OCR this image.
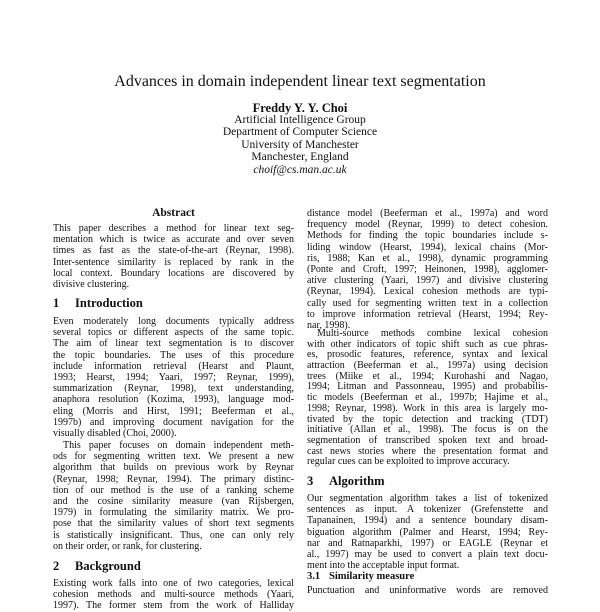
Advances in domain independent linear text segmentation
Freddy Y. Y. Choi
Artificial Intelligence Group
Department of Computer Science
University of Manchester
Manchester, England
choif@cs.man.ac.uk
Abstract
This paper describes a method for linear text seg-
mentation which is twice as accurate and over seven
times as fast as the state-of-the-art (Reynar, 1998).
Inter-sentence similarity is replaced by rank in the
local context. Boundary locations are discovered by
divisive clustering.
1 Introduction
Even moderately long documents typically address
several topics or different aspects of the same topic.
The aim of linear text segmentation is to discover
the topic boundaries. The uses of this procedure
include information retrieval (Hearst and Plaunt,
1993; Hearst, 1994; Yaari, 1997; Reynar, 1999),
summarization (Reynar, 1998), text understanding,
anaphora resolution (Kozima, 1993), language mod-
eling (Morris and Hirst, 1991; Beeferman et al.,
1997b) and improving document navigation for the
visually disabled (Choi, 2000).
This paper focuses on domain independent meth-
ods for segmenting written text. We present a new
algorithm that builds on previous work by Reynar
(Reynar, 1998; Reynar, 1994). The primary distinc-
tion of our method is the use of a ranking scheme
and the cosine similarity measure (van Rijsbergen,
1979) in formulating the similarity matrix. We pro-
pose that the similarity values of short text segments
is statistically insignificant. Thus, one can only rely
on their order, or rank, for clustering.
2 Background
Existing work falls into one of two categories, lexical
cohesion methods and multi-source methods (Yaari,
1997). The former stem from the work of Halliday
distance model (Beeferman et al., 1997a) and word
frequency model (Reynar, 1999) to detect cohesion.
Methods for finding the topic boundaries include s-
liding window (Hearst, 1994), lexical chains (Mor-
ris, 1988; Kan et al., 1998), dynamic programming
(Ponte and Croft, 1997; Heinonen, 1998), agglomer-
ative clustering (Yaari, 1997) and divisive clustering
(Reynar, 1994). Lexical cohesion methods are typi-
cally used for segmenting written text in a collection
to improve information retrieval (Hearst, 1994; Rey-
nar, 1998).
Multi-source methods combine lexical cohesion
with other indicators of topic shift such as cue phras-
es, prosodic features, reference, syntax and lexical
attraction (Beeferman et al., 1997a) using decision
trees (Miike et al., 1994; Kurohashi and Nagao,
1994; Litman and Passonneau, 1995) and probabilis-
tic models (Beeferman et al., 1997b; Hajime et al.,
1998; Reynar, 1998). Work in this area is largely mo-
tivated by the topic detection and tracking (TDT)
initiative (Allan et al., 1998). The focus is on the
segmentation of transcribed spoken text and broad-
cast news stories where the presentation format and
regular cues can be exploited to improve accuracy.
3 Algorithm
Our segmentation algorithm takes a list of tokenized
sentences as input. A tokenizer (Grefenstette and
Tapanainen, 1994) and a sentence boundary disam-
biguation algorithm (Palmer and Hearst, 1994; Rey-
nar and Ratnaparkhi, 1997) or EAGLE (Reynar et
al., 1997) may be used to convert a plain text docu-
ment into the acceptable input format.
3.1 Similarity measure
Punctuation and uninformative words are removed
